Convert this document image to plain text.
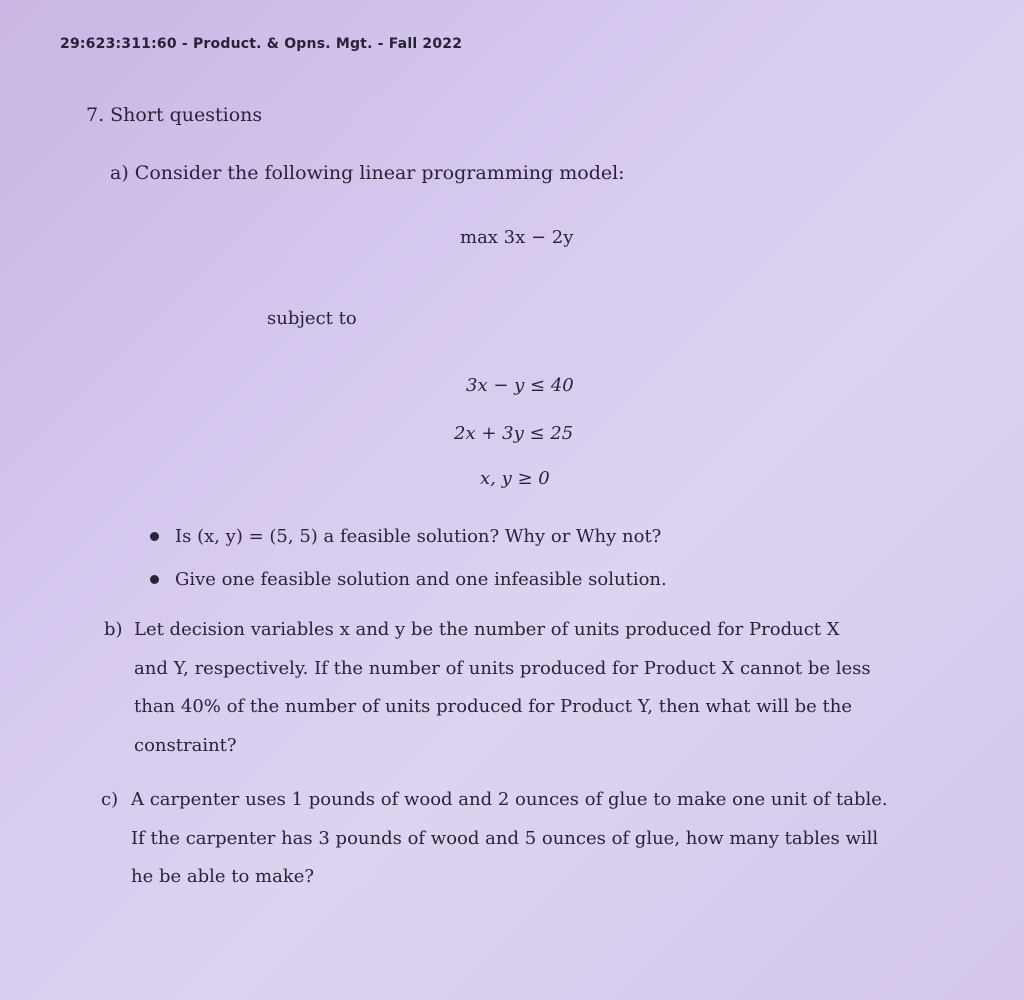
29:623:311:60 - Product. & Opns. Mgt. - Fall 2022
7. Short questions
a) Consider the following linear programming model:
max 3x − 2y
subject to
3x − y ≤ 40
2x + 3y ≤ 25
x, y ≥ 0
Is (x, y) = (5, 5) a feasible solution? Why or Why not?
Give one feasible solution and one infeasible solution.
b) Let decision variables x and y be the number of units produced for Product X
and Y, respectively. If the number of units produced for Product X cannot be less
than 40% of the number of units produced for Product Y, then what will be the
constraint?
c) A carpenter uses 1 pounds of wood and 2 ounces of glue to make one unit of table.
If the carpenter has 3 pounds of wood and 5 ounces of glue, how many tables will
he be able to make?
